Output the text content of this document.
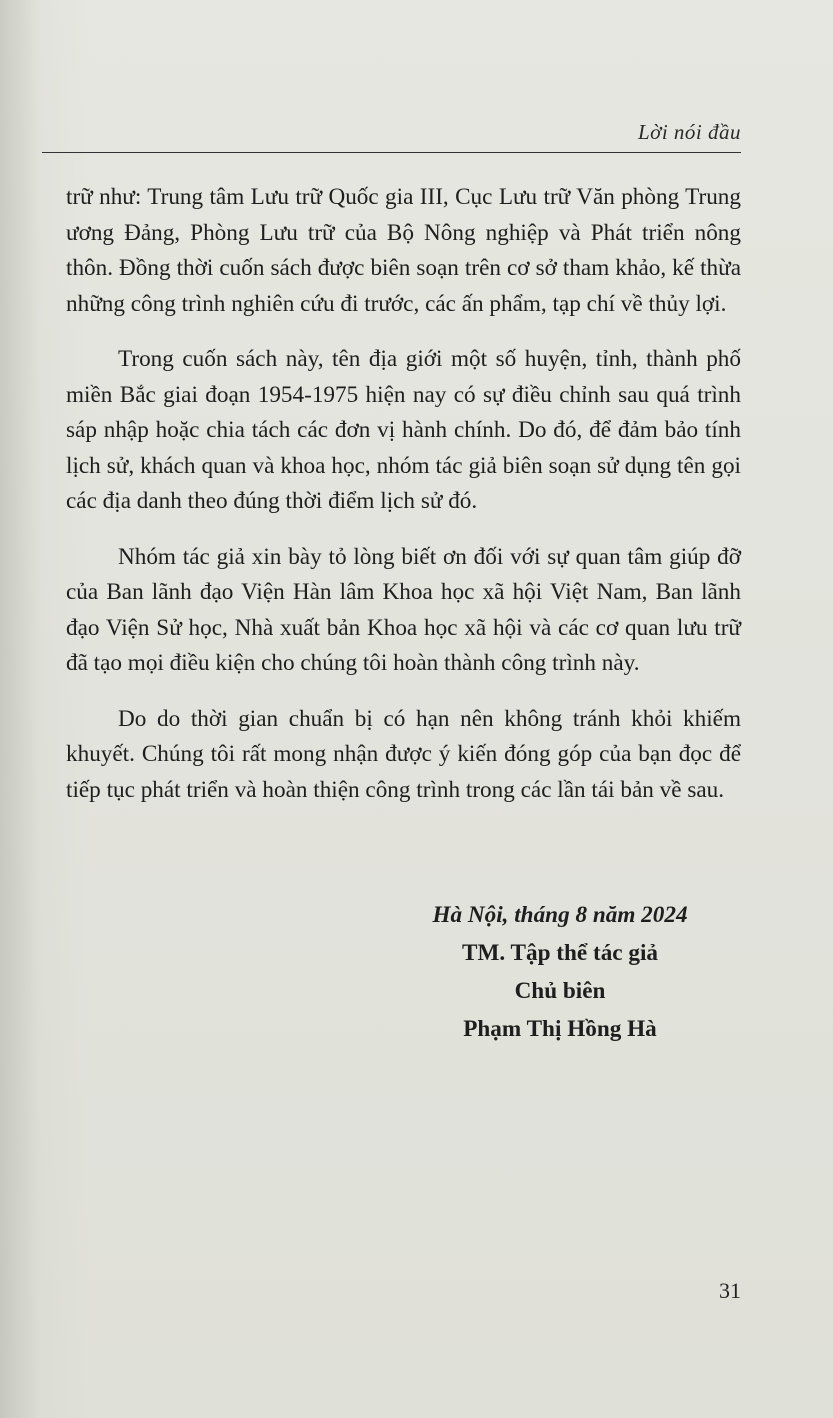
Lời nói đầu

trữ như: Trung tâm Lưu trữ Quốc gia III, Cục Lưu trữ Văn phòng Trung ương Đảng, Phòng Lưu trữ của Bộ Nông nghiệp và Phát triển nông thôn. Đồng thời cuốn sách được biên soạn trên cơ sở tham khảo, kế thừa những công trình nghiên cứu đi trước, các ấn phẩm, tạp chí về thủy lợi.

Trong cuốn sách này, tên địa giới một số huyện, tỉnh, thành phố miền Bắc giai đoạn 1954-1975 hiện nay có sự điều chỉnh sau quá trình sáp nhập hoặc chia tách các đơn vị hành chính. Do đó, để đảm bảo tính lịch sử, khách quan và khoa học, nhóm tác giả biên soạn sử dụng tên gọi các địa danh theo đúng thời điểm lịch sử đó.

Nhóm tác giả xin bày tỏ lòng biết ơn đối với sự quan tâm giúp đỡ của Ban lãnh đạo Viện Hàn lâm Khoa học xã hội Việt Nam, Ban lãnh đạo Viện Sử học, Nhà xuất bản Khoa học xã hội và các cơ quan lưu trữ đã tạo mọi điều kiện cho chúng tôi hoàn thành công trình này.

Do do thời gian chuẩn bị có hạn nên không tránh khỏi khiếm khuyết. Chúng tôi rất mong nhận được ý kiến đóng góp của bạn đọc để tiếp tục phát triển và hoàn thiện công trình trong các lần tái bản về sau.

Hà Nội, tháng 8 năm 2024
TM. Tập thể tác giả
Chủ biên
Phạm Thị Hồng Hà
31
